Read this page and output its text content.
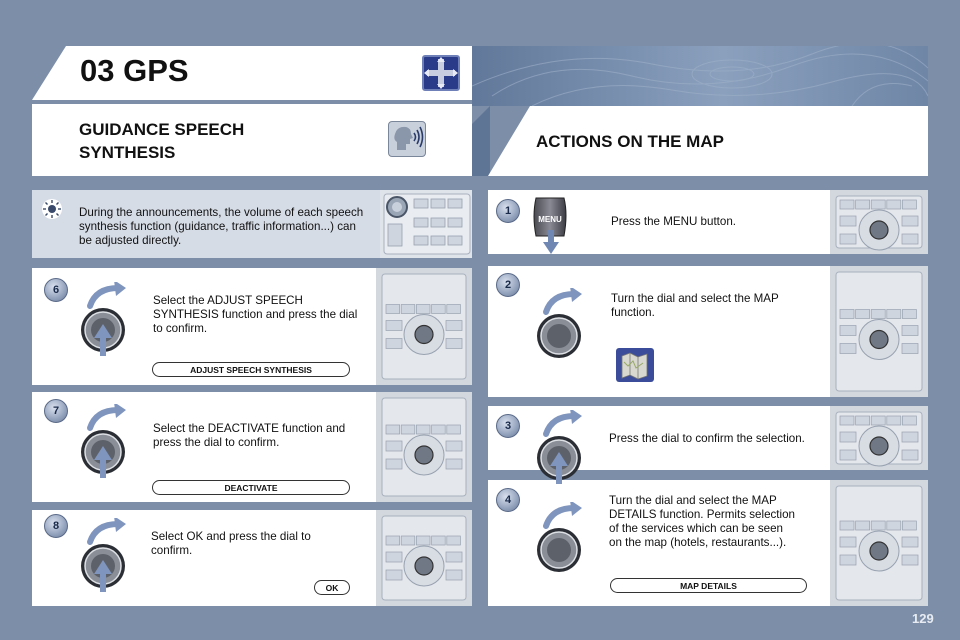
03 GPS
GUIDANCE SPEECH SYNTHESIS
ACTIONS ON THE MAP
During the announcements, the volume of each speech synthesis function (guidance, traffic information...) can be adjusted directly.
6
Select the ADJUST SPEECH SYNTHESIS function and press the dial to confirm.
ADJUST SPEECH SYNTHESIS
7
Select the DEACTIVATE function and press the dial to confirm.
DEACTIVATE
8
Select OK and press the dial to confirm.
OK
1
MENU	Press the MENU button.
2
Turn the dial and select the MAP function.
3
Press the dial to confirm the selection.
4	Turn the dial and select the MAP DETAILS function. Permits selection of the services which can be seen on the map (hotels, restaurants...).
MAP DETAILS
129
